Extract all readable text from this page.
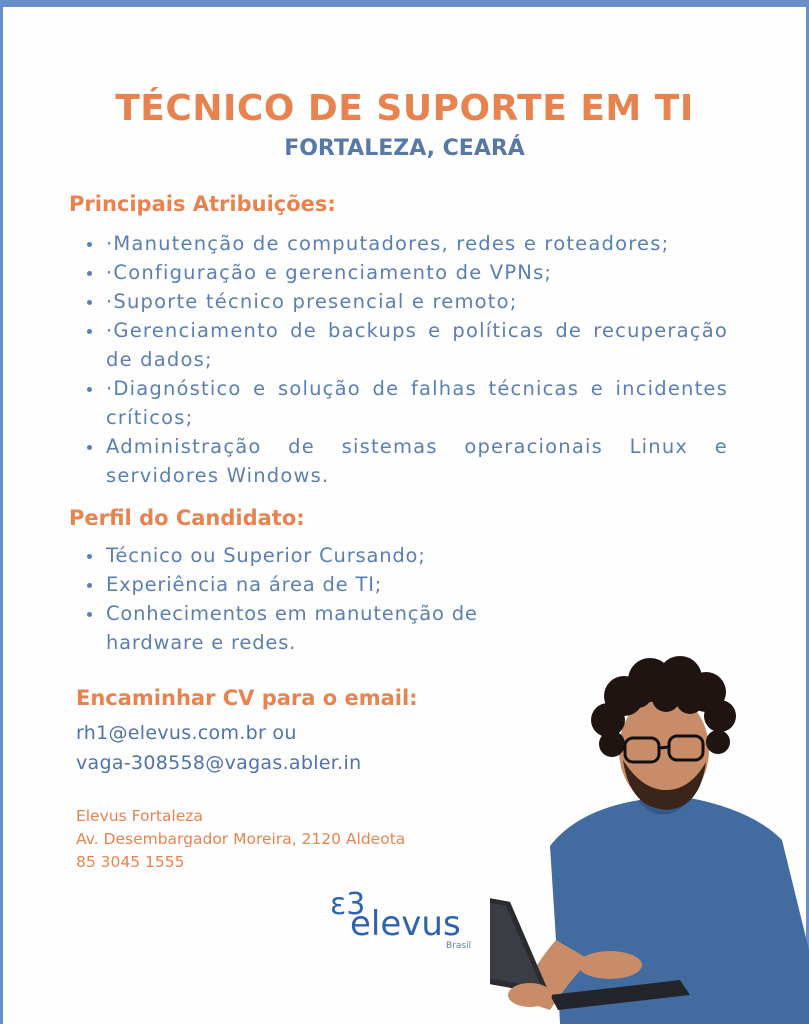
TÉCNICO DE SUPORTE EM TI
FORTALEZA, CEARÁ
Principais Atribuições:
·Manutenção de computadores, redes e roteadores;
·Configuração e gerenciamento de VPNs;
·Suporte técnico presencial e remoto;
·Gerenciamento de backups e políticas de recuperação de dados;
·Diagnóstico e solução de falhas técnicas e incidentes críticos;
Administração de sistemas operacionais Linux e servidores Windows.
Perfil do Candidato:
Técnico ou Superior Cursando;
Experiência na área de TI;
Conhecimentos em manutenção de hardware e redes.
Encaminhar CV para o email:
rh1@elevus.com.br ou
vaga-308558@vagas.abler.in
Elevus Fortaleza
Av. Desembargador Moreira, 2120 Aldeota
85 3045 1555
ε3
elevus
Brasil
